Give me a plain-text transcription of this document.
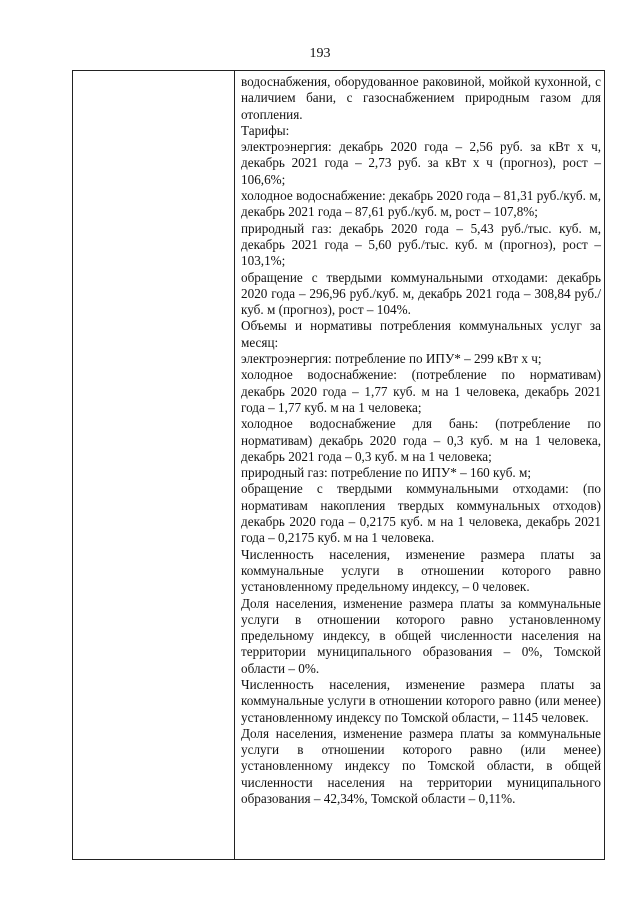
193

водоснабжения, оборудованное раковиной, мойкой кухонной, с наличием бани, с газоснабжением природным газом для отопления.

Тарифы:

электроэнергия: декабрь 2020 года – 2,56 руб. за кВт х ч, декабрь 2021 года – 2,73 руб. за кВт х ч (прогноз), рост – 106,6%;

холодное водоснабжение: декабрь 2020 года – 81,31 руб./куб. м, декабрь 2021 года – 87,61 руб./куб. м, рост – 107,8%;

природный газ: декабрь 2020 года – 5,43 руб./тыс. куб. м, декабрь 2021 года – 5,60 руб./тыс. куб. м (прогноз), рост – 103,1%;

обращение с твердыми коммунальными отходами: декабрь 2020 года – 296,96 руб./куб. м, декабрь 2021 года – 308,84 руб./куб. м (прогноз), рост – 104%.

Объемы и нормативы потребления коммунальных услуг за месяц:

электроэнергия: потребление по ИПУ* – 299 кВт х ч;

холодное водоснабжение: (потребление по нормативам) декабрь 2020 года – 1,77 куб. м на 1 человека, декабрь 2021 года – 1,77 куб. м на 1 человека;

холодное водоснабжение для бань: (потребление по нормативам) декабрь 2020 года – 0,3 куб. м на 1 человека, декабрь 2021 года – 0,3 куб. м на 1 человека;

природный газ: потребление по ИПУ* – 160 куб. м;

обращение с твердыми коммунальными отходами: (по нормативам накопления твердых коммунальных отходов) декабрь 2020 года – 0,2175 куб. м на 1 человека, декабрь 2021 года – 0,2175 куб. м на 1 человека.

Численность населения, изменение размера платы за коммунальные услуги в отношении которого равно установленному предельному индексу, – 0 человек.

Доля населения, изменение размера платы за коммунальные услуги в отношении которого равно установленному предельному индексу, в общей численности населения на территории муниципального образования – 0%, Томской области – 0%.

Численность населения, изменение размера платы за коммунальные услуги в отношении которого равно (или менее) установленному индексу по Томской области, – 1145 человек.

Доля населения, изменение размера платы за коммунальные услуги в отношении которого равно (или менее) установленному индексу по Томской области, в общей численности населения на территории муниципального образования – 42,34%, Томской области – 0,11%.
